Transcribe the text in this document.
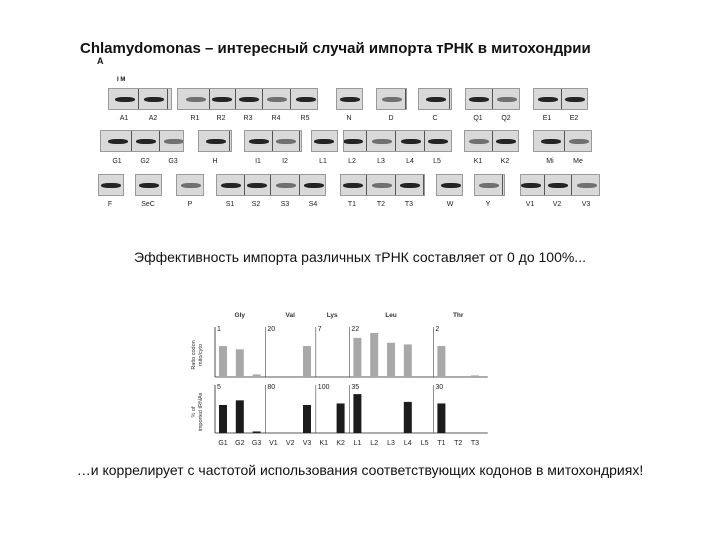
Chlamydomonas – интересный случай импорта тРНК в митохондрии
A
I M
A1	A2	R1	R2	R3	R4	R5	N	D	C	Q1	Q2	E1	E2
G1	G2	G3	H	I1	I2	L1	L2	L3	L4	L5	K1	K2	Mi	Me
F	SeC	P	S1	S2	S3	S4	T1	T2	T3	W	Y	V1	V2	V3
Эффективность импорта различных тРНК составляет от 0 до 100%...
Gly	Val	Lys	Leu	Thr
Ratio codon mito/cyto
1	20	7	22	2
% of imported tRNAs
5	80	100	35	30
G1 G2 G3 V1 V2 V3 K1 K2 L1 L2 L3 L4 L5 T1 T2 T3
…и коррелирует с частотой использования соответствующих кодонов в митохондриях!
